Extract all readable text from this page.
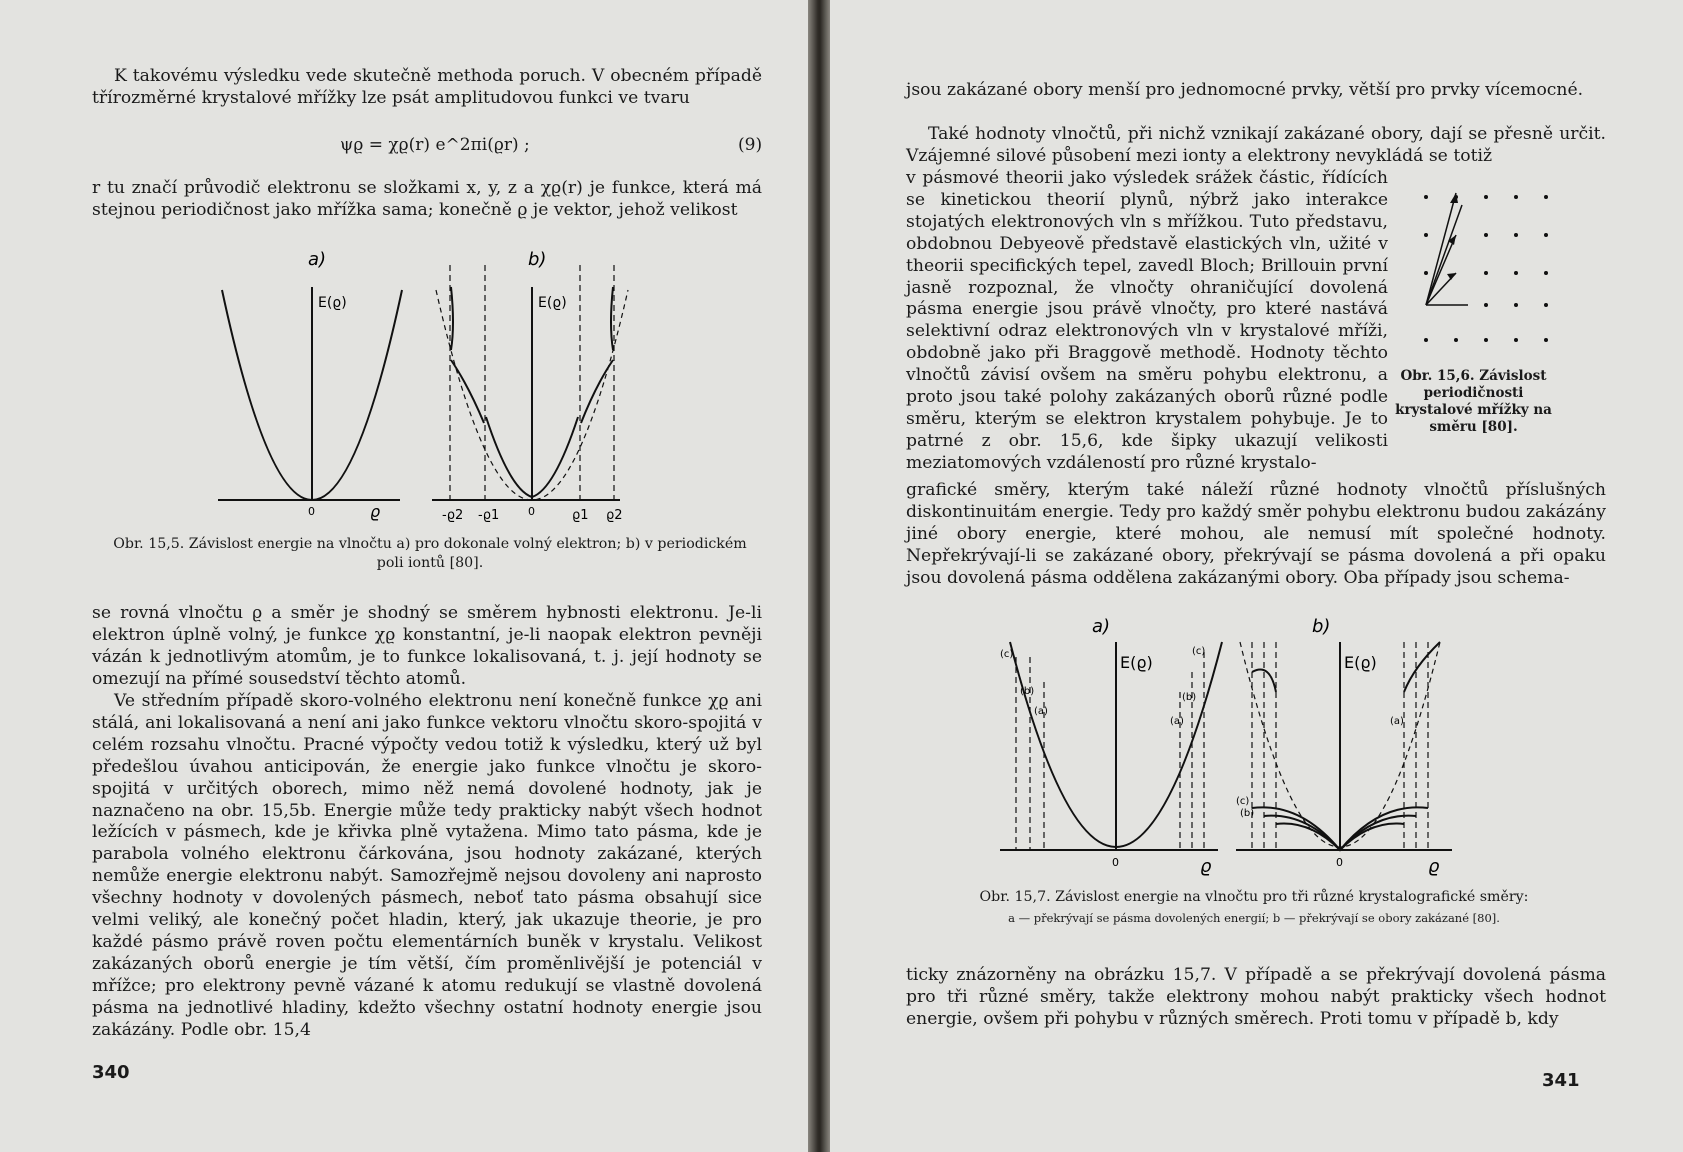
K takovému výsledku vede skutečně methoda poruch. V obecném případě třírozměrné krystalové mřížky lze psát amplitudovou funkci ve tvaru

ψϱ = χϱ(r) e^2πi(ϱr) ;	(9)

r tu značí průvodič elektronu se složkami x, y, z a χϱ(r) je funkce, která má stejnou periodičnost jako mřížka sama; konečně ϱ je vektor, jehož velikost

a)	b)
E(ϱ)
0	ϱ
E(ϱ)
0
-ϱ2 -ϱ1	ϱ1 ϱ2
Obr. 15,5. Závislost energie na vlnočtu a) pro dokonale volný elektron; b) v periodickém poli iontů [80].

se rovná vlnočtu ϱ a směr je shodný se směrem hybnosti elektronu. Je-li elektron úplně volný, je funkce χϱ konstantní, je-li naopak elektron pevněji vázán k jednotlivým atomům, je to funkce lokalisovaná, t. j. její hodnoty se omezují na přímé sousedství těchto atomů.

Ve středním případě skoro-volného elektronu není konečně funkce χϱ ani stálá, ani lokalisovaná a není ani jako funkce vektoru vlnočtu skoro-spojitá v celém rozsahu vlnočtu. Pracné výpočty vedou totiž k výsledku, který už byl předešlou úvahou anticipován, že energie jako funkce vlnočtu je skoro-spojitá v určitých oborech, mimo něž nemá dovolené hodnoty, jak je naznačeno na obr. 15,5b. Energie může tedy prakticky nabýt všech hodnot ležících v pásmech, kde je křivka plně vytažena. Mimo tato pásma, kde je parabola volného elektronu čárkována, jsou hodnoty zakázané, kterých nemůže energie elektronu nabýt. Samozřejmě nejsou dovoleny ani naprosto všechny hodnoty v dovolených pásmech, neboť tato pásma obsahují sice velmi veliký, ale konečný počet hladin, který, jak ukazuje theorie, je pro každé pásmo právě roven počtu elementárních buněk v krystalu. Velikost zakázaných oborů energie je tím větší, čím proměnlivější je potenciál v mřížce; pro elektrony pevně vázané k atomu redukují se vlastně dovolená pásma na jednotlivé hladiny, kdežto všechny ostatní hodnoty energie jsou zakázány. Podle obr. 15,4

340

jsou zakázané obory menší pro jednomocné prvky, větší pro prvky vícemocné.

Také hodnoty vlnočtů, při nichž vznikají zakázané obory, dají se přesně určit. Vzájemné silové působení mezi ionty a elektrony nevykládá se totiž

v pásmové theorii jako výsledek srážek částic, řídících se kinetickou theorií plynů, nýbrž jako interakce stojatých elektronových vln s mřížkou. Tuto představu, obdobnou Debyeově představě elastických vln, užité v theorii specifických tepel, zavedl Bloch; Brillouin první jasně rozpoznal, že vlnočty ohraničující dovolená pásma energie jsou právě vlnočty, pro které nastává selektivní odraz elektronových vln v krystalové mříži, obdobně jako při Braggově methodě. Hodnoty těchto vlnočtů závisí ovšem na směru pohybu elektronu, a proto jsou také polohy zakázaných oborů různé podle směru, kterým se elektron krystalem pohybuje. Je to patrné z obr. 15,6, kde šipky ukazují velikosti meziatomových vzdáleností pro různé krystalo-

Obr. 15,6. Závislost periodičnosti krystalové mřížky na směru [80].

grafické směry, kterým také náleží různé hodnoty vlnočtů příslušných diskontinuitám energie. Tedy pro každý směr pohybu elektronu budou zakázány jiné obory energie, které mohou, ale nemusí mít společné hodnoty. Nepřekrývají-li se zakázané obory, překrývají se pásma dovolená a při opaku jsou dovolená pásma oddělena zakázanými obory. Oba případy jsou schema-

a)	b)
E(ϱ)
0	ϱ
(a)
(b)
(c)
(a)
(b)
(c)
E(ϱ)
0	ϱ
(a)
(b)
(c)
Obr. 15,7. Závislost energie na vlnočtu pro tři různé krystalografické směry:
a — překrývají se pásma dovolených energií; b — překrývají se obory zakázané [80].

ticky znázorněny na obrázku 15,7. V případě a se překrývají dovolená pásma pro tři různé směry, takže elektrony mohou nabýt prakticky všech hodnot energie, ovšem při pohybu v různých směrech. Proti tomu v případě b, kdy

341
